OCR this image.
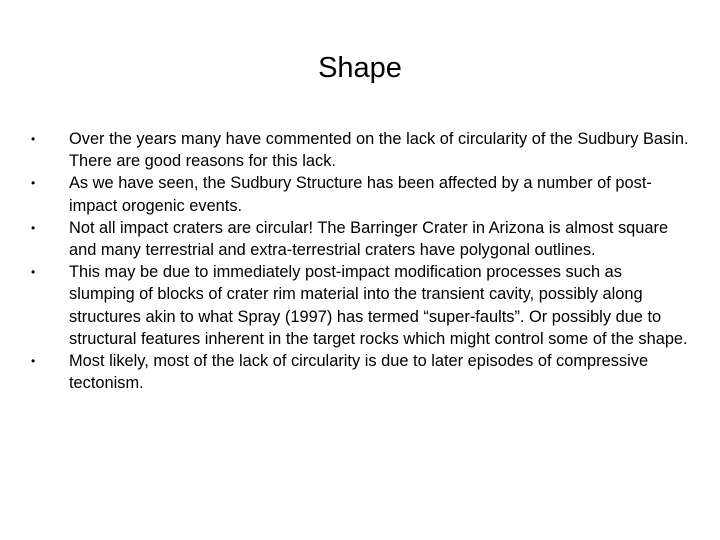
Shape
•	Over the years many have commented on the lack of circularity of the Sudbury Basin. There are good reasons for this lack.
•	As we have seen, the Sudbury Structure has been affected by a number of post-impact orogenic events.
•	Not all impact craters are circular! The Barringer Crater in Arizona is almost square and many terrestrial and extra-terrestrial craters have polygonal outlines.
•	This may be due to immediately post-impact modification processes such as slumping of blocks of crater rim material into the transient cavity, possibly along structures akin to what Spray (1997) has termed “super-faults”. Or possibly due to structural features inherent in the target rocks which might control some of the shape.
•	Most likely, most of the lack of circularity is due to later episodes of compressive tectonism.
